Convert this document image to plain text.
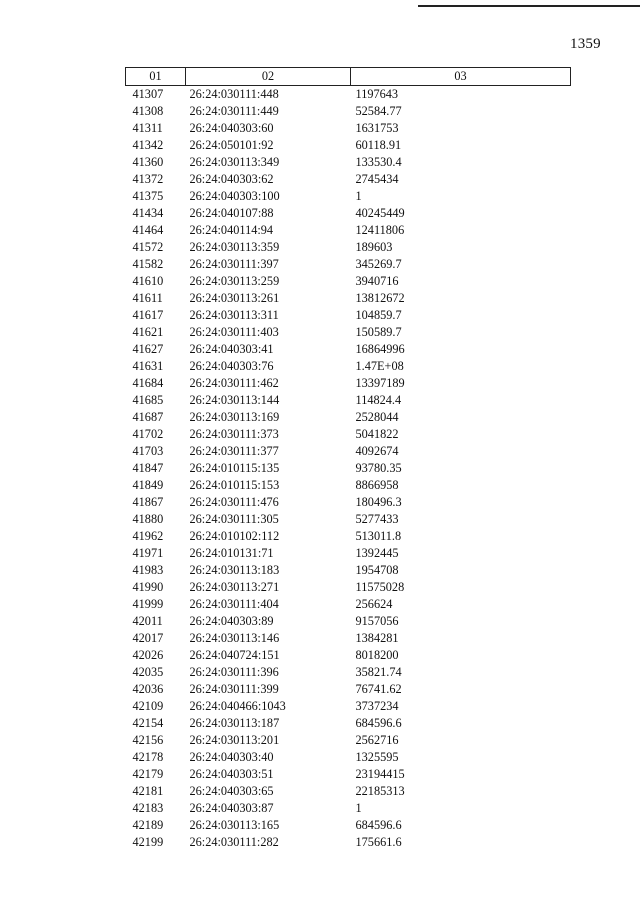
1359
01	02	03
41307	26:24:030111:448	1197643
41308	26:24:030111:449	52584.77
41311	26:24:040303:60	1631753
41342	26:24:050101:92	60118.91
41360	26:24:030113:349	133530.4
41372	26:24:040303:62	2745434
41375	26:24:040303:100	1
41434	26:24:040107:88	40245449
41464	26:24:040114:94	12411806
41572	26:24:030113:359	189603
41582	26:24:030111:397	345269.7
41610	26:24:030113:259	3940716
41611	26:24:030113:261	13812672
41617	26:24:030113:311	104859.7
41621	26:24:030111:403	150589.7
41627	26:24:040303:41	16864996
41631	26:24:040303:76	1.47E+08
41684	26:24:030111:462	13397189
41685	26:24:030113:144	114824.4
41687	26:24:030113:169	2528044
41702	26:24:030111:373	5041822
41703	26:24:030111:377	4092674
41847	26:24:010115:135	93780.35
41849	26:24:010115:153	8866958
41867	26:24:030111:476	180496.3
41880	26:24:030111:305	5277433
41962	26:24:010102:112	513011.8
41971	26:24:010131:71	1392445
41983	26:24:030113:183	1954708
41990	26:24:030113:271	11575028
41999	26:24:030111:404	256624
42011	26:24:040303:89	9157056
42017	26:24:030113:146	1384281
42026	26:24:040724:151	8018200
42035	26:24:030111:396	35821.74
42036	26:24:030111:399	76741.62
42109	26:24:040466:1043	3737234
42154	26:24:030113:187	684596.6
42156	26:24:030113:201	2562716
42178	26:24:040303:40	1325595
42179	26:24:040303:51	23194415
42181	26:24:040303:65	22185313
42183	26:24:040303:87	1
42189	26:24:030113:165	684596.6
42199	26:24:030111:282	175661.6
